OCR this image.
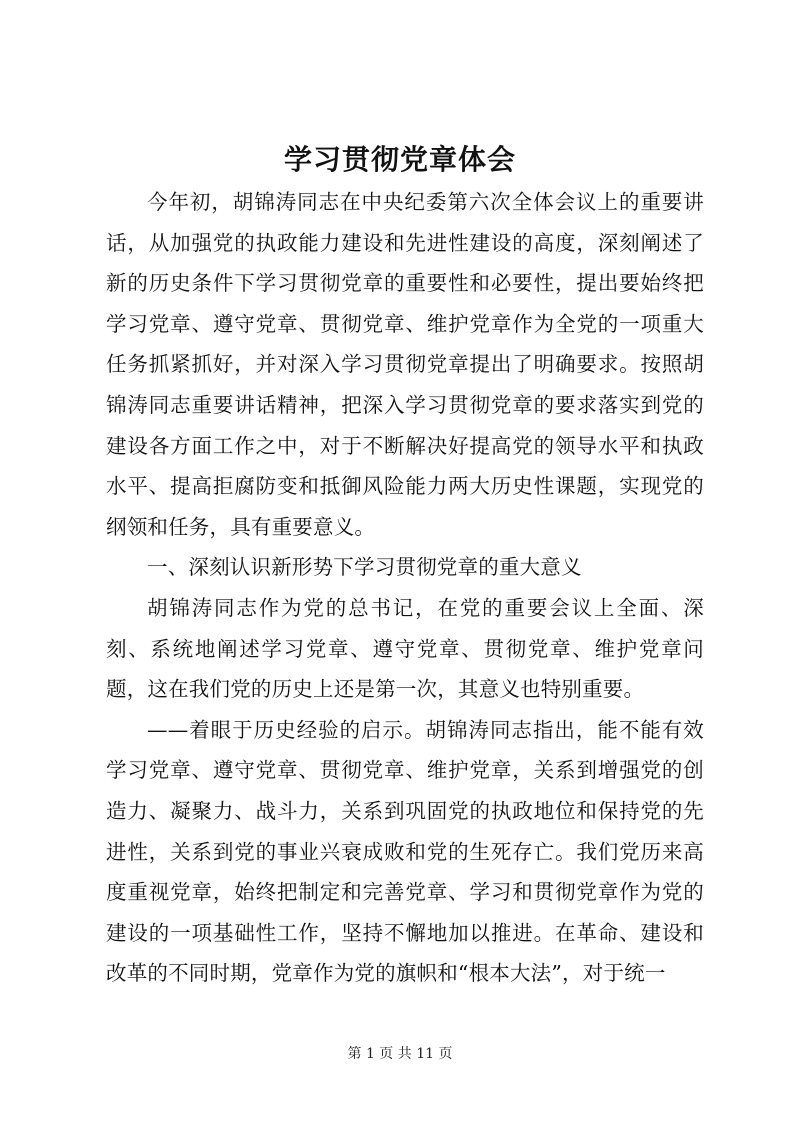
学习贯彻党章体会

今年初，胡锦涛同志在中央纪委第六次全体会议上的重要讲话，从加强党的执政能力建设和先进性建设的高度，深刻阐述了新的历史条件下学习贯彻党章的重要性和必要性，提出要始终把学习党章、遵守党章、贯彻党章、维护党章作为全党的一项重大任务抓紧抓好，并对深入学习贯彻党章提出了明确要求。按照胡锦涛同志重要讲话精神，把深入学习贯彻党章的要求落实到党的建设各方面工作之中，对于不断解决好提高党的领导水平和执政水平、提高拒腐防变和抵御风险能力两大历史性课题，实现党的纲领和任务，具有重要意义。

一、深刻认识新形势下学习贯彻党章的重大意义

胡锦涛同志作为党的总书记，在党的重要会议上全面、深刻、系统地阐述学习党章、遵守党章、贯彻党章、维护党章问题，这在我们党的历史上还是第一次，其意义也特别重要。

——着眼于历史经验的启示。胡锦涛同志指出，能不能有效学习党章、遵守党章、贯彻党章、维护党章，关系到增强党的创造力、凝聚力、战斗力，关系到巩固党的执政地位和保持党的先进性，关系到党的事业兴衰成败和党的生死存亡。我们党历来高度重视党章，始终把制定和完善党章、学习和贯彻党章作为党的建设的一项基础性工作，坚持不懈地加以推进。在革命、建设和改革的不同时期，党章作为党的旗帜和“根本大法”，对于统一

第 1 页 共 11 页
